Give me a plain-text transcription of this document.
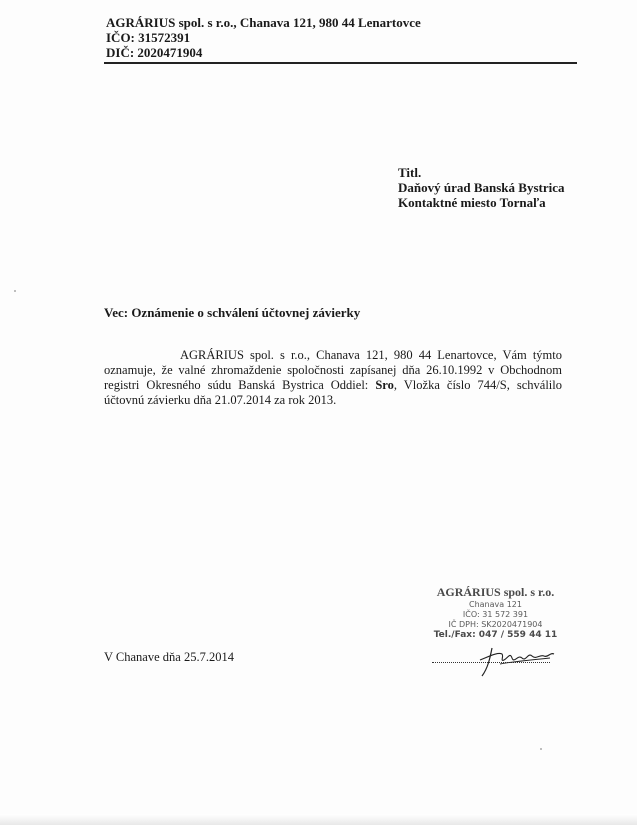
AGRÁRIUS spol. s r.o., Chanava 121, 980 44 Lenartovce
IČO: 31572391
DIČ: 2020471904
Titl.
Daňový úrad Banská Bystrica
Kontaktné miesto Tornaľa
Vec: Oznámenie o schválení účtovnej závierky
AGRÁRIUS spol. s r.o., Chanava 121, 980 44 Lenartovce, Vám týmto oznamuje, že valné zhromaždenie spoločnosti zapísanej dňa 26.10.1992 v Obchodnom registri Okresného súdu Banská Bystrica Oddiel: Sro, Vložka číslo 744/S, schválilo účtovnú závierku dňa 21.07.2014 za rok 2013.
AGRÁRIUS spol. s r.o.
Chanava 121
IČO: 31 572 391
IČ DPH: SK2020471904
Tel./Fax: 047 / 559 44 11
V Chanave dňa 25.7.2014
